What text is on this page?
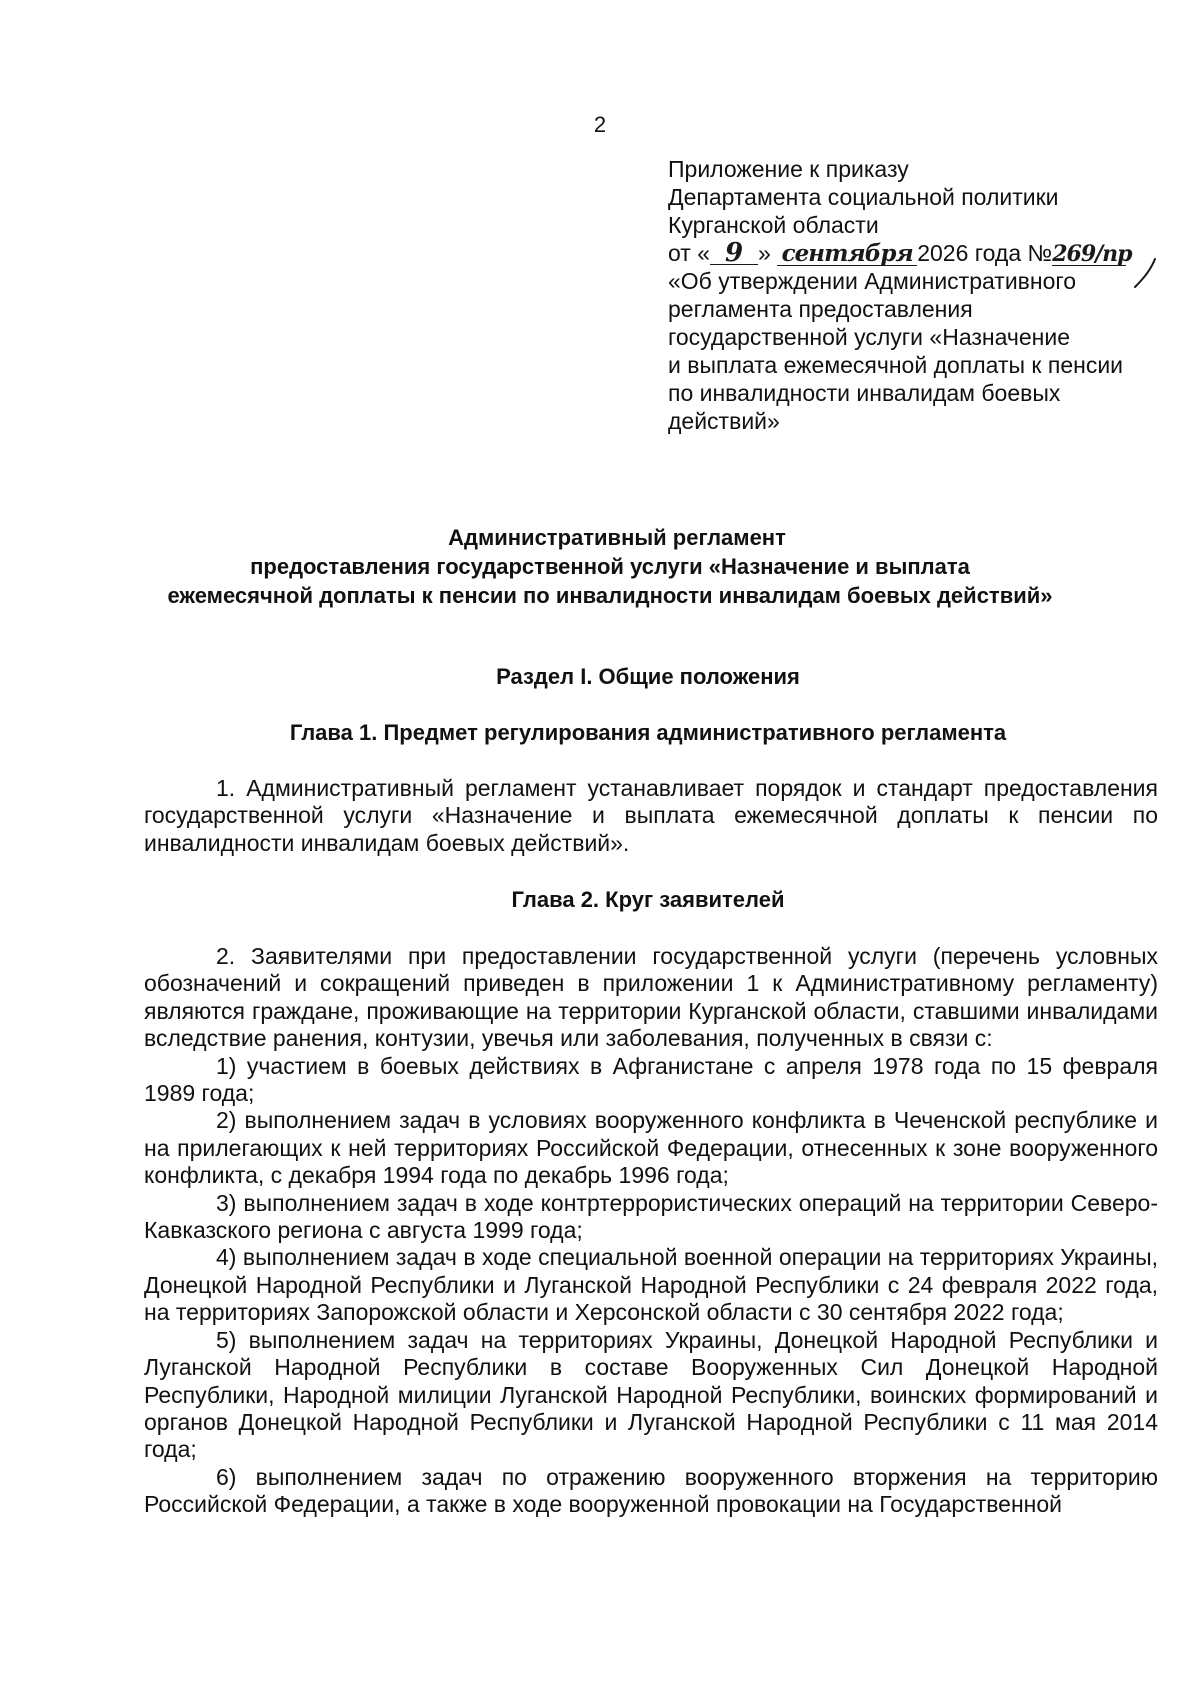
2
Приложение к приказу
Департамента социальной политики
Курганской области
от « 9 » сентября 2026 года №269/пр
«Об утверждении Административного
регламента предоставления
государственной услуги «Назначение
и выплата ежемесячной доплаты к пенсии
по инвалидности инвалидам боевых
действий»
Административный регламент
предоставления государственной услуги «Назначение и выплата
ежемесячной доплаты к пенсии по инвалидности инвалидам боевых действий»
Раздел I. Общие положения
Глава 1. Предмет регулирования административного регламента

1. Административный регламент устанавливает порядок и стандарт предоставления государственной услуги «Назначение и выплата ежемесячной доплаты к пенсии по инвалидности инвалидам боевых действий».

Глава 2. Круг заявителей

2. Заявителями при предоставлении государственной услуги (перечень условных обозначений и сокращений приведен в приложении 1 к Административному регламенту) являются граждане, проживающие на территории Курганской области, ставшими инвалидами вследствие ранения, контузии, увечья или заболевания, полученных в связи с:

1) участием в боевых действиях в Афганистане с апреля 1978 года по 15 февраля 1989 года;

2) выполнением задач в условиях вооруженного конфликта в Чеченской республике и на прилегающих к ней территориях Российской Федерации, отнесенных к зоне вооруженного конфликта, с декабря 1994 года по декабрь 1996 года;

3) выполнением задач в ходе контртеррористических операций на территории Северо-Кавказского региона с августа 1999 года;

4) выполнением задач в ходе специальной военной операции на территориях Украины, Донецкой Народной Республики и Луганской Народной Республики с 24 февраля 2022 года, на территориях Запорожской области и Херсонской области с 30 сентября 2022 года;

5) выполнением задач на территориях Украины, Донецкой Народной Республики и Луганской Народной Республики в составе Вооруженных Сил Донецкой Народной Республики, Народной милиции Луганской Народной Республики, воинских формирований и органов Донецкой Народной Республики и Луганской Народной Республики с 11 мая 2014 года;

6) выполнением задач по отражению вооруженного вторжения на территорию Российской Федерации, а также в ходе вооруженной провокации на Государственной
